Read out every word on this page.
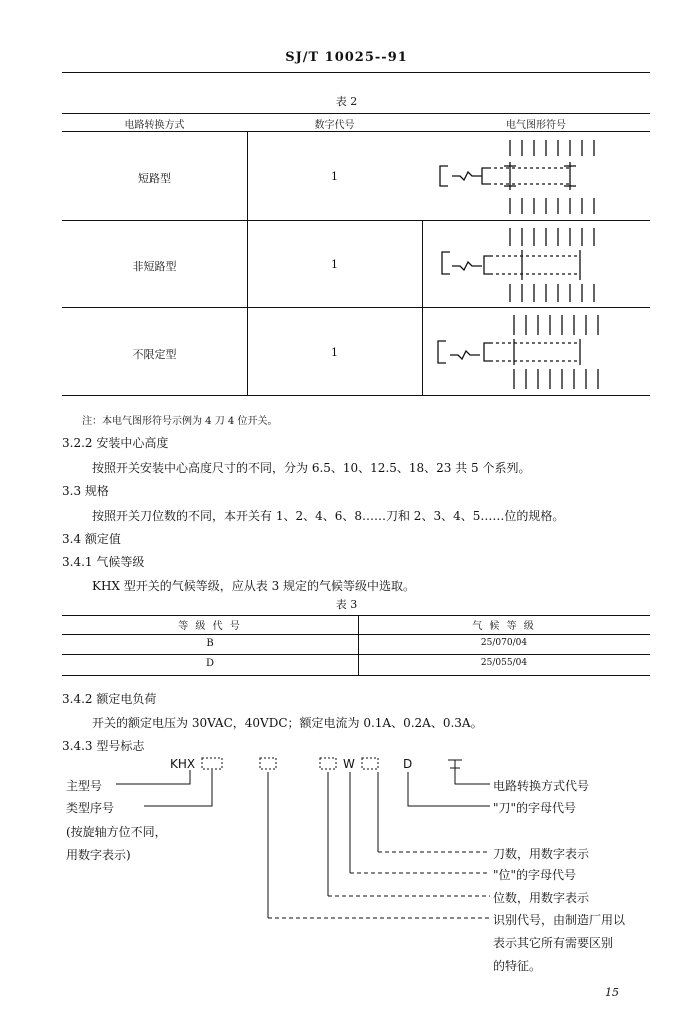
SJ/T 10025--91
表 2
电路转换方式	数字代号	电气图形符号
短路型	1
非短路型	1
不限定型	1
注：本电气图形符号示例为 4 刀 4 位开关。
3.2.2 安装中心高度
按照开关安装中心高度尺寸的不同，分为 6.5、10、12.5、18、23 共 5 个系列。
3.3 规格
按照开关刀位数的不同，本开关有 1、2、4、6、8……刀和 2、3、4、5……位的规格。
3.4 额定值
3.4.1 气候等级
KHX 型开关的气候等级，应从表 3 规定的气候等级中选取。
表 3
等 级 代 号	气 候 等 级
B	25/070/04
D	25/055/04
3.4.2 额定电负荷
开关的额定电压为 30VAC，40VDC；额定电流为 0.1A、0.2A、0.3A。
3.4.3 型号标志
KHX	W	D
主型号
类型序号
(按旋轴方位不同，
用数字表示)
电路转换方式代号
"刀"的字母代号
刀数，用数字表示
"位"的字母代号
位数，用数字表示
识别代号，由制造厂用以
表示其它所有需要区别
的特征。
15
